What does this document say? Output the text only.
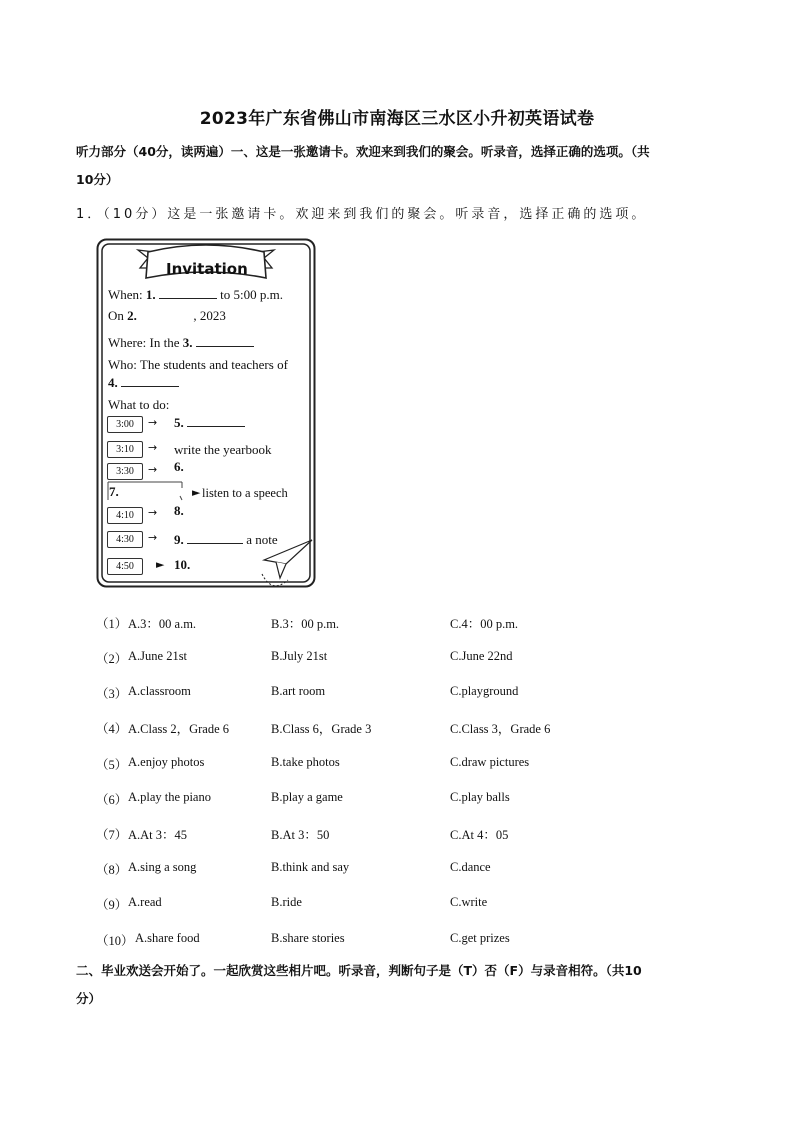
2023年广东省佛山市南海区三水区小升初英语试卷
听力部分（40分，读两遍）一、这是一张邀请卡。欢迎来到我们的聚会。听录音，选择正确的选项。（共
10分）
1．（10分）这是一张邀请卡。欢迎来到我们的聚会。听录音，选择正确的选项。
Invitation
When: 1.	to 5:00 p.m.
On 2.	, 2023
Where: In the 3.
Who: The students and teachers of
4.
What to do:
3:00	→ 5.
3:10	→ write the yearbook
3:30	→ 6.
7.	► listen to a speech
4:10	→ 8.
4:30	→ 9.	a note
4:50	► 10.
（1） A.3：00 a.m.	B.3：00 p.m.	C.4：00 p.m.
（2） A.June 21st	B.July 21st	C.June 22nd
（3） A.classroom	B.art room	C.playground
（4） A.Class 2，Grade 6	B.Class 6，Grade 3	C.Class 3，Grade 6
（5） A.enjoy photos	B.take photos	C.draw pictures
（6） A.play the piano	B.play a game	C.play balls
（7） A.At 3：45	B.At 3：50	C.At 4：05
（8） A.sing a song	B.think and say	C.dance
（9） A.read	B.ride	C.write
（10） A.share food	B.share stories	C.get prizes
二、毕业欢送会开始了。一起欣赏这些相片吧。听录音，判断句子是（T）否（F）与录音相符。（共10
分）
